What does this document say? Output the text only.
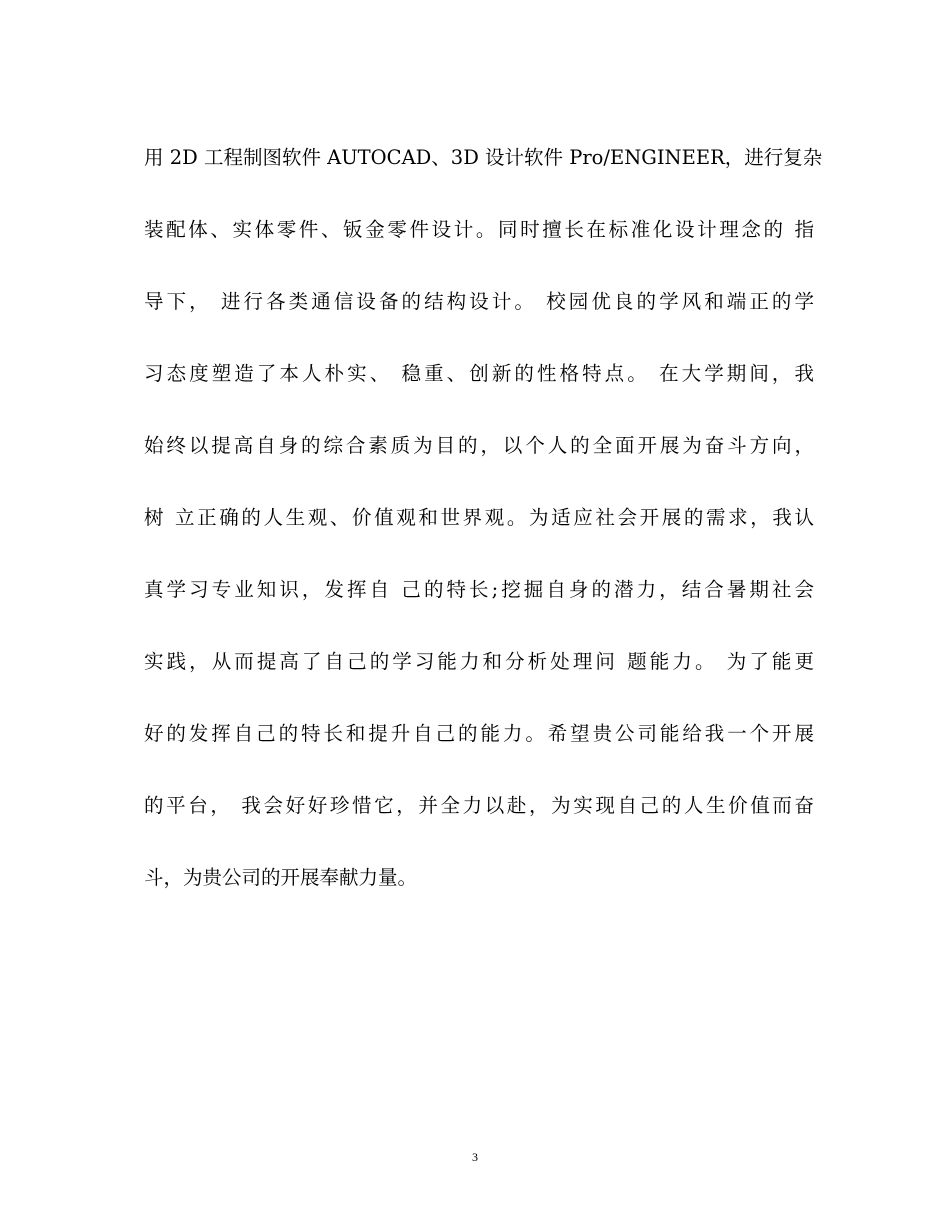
用 2D 工程制图软件 AUTOCAD、3D 设计软件 Pro/ENGINEER，进行复杂
装配体、实体零件、钣金零件设计。同时擅长在标准化设计理念的 指
导下， 进行各类通信设备的结构设计。 校园优良的学风和端正的学
习态度塑造了本人朴实、 稳重、创新的性格特点。 在大学期间，我
始终以提高自身的综合素质为目的，以个人的全面开展为奋斗方向，
树 立正确的人生观、价值观和世界观。为适应社会开展的需求，我认
真学习专业知识，发挥自 己的特长;挖掘自身的潜力，结合暑期社会
实践，从而提高了自己的学习能力和分析处理问 题能力。 为了能更
好的发挥自己的特长和提升自己的能力。希望贵公司能给我一个开展
的平台， 我会好好珍惜它，并全力以赴，为实现自己的人生价值而奋
斗，为贵公司的开展奉献力量。
3
